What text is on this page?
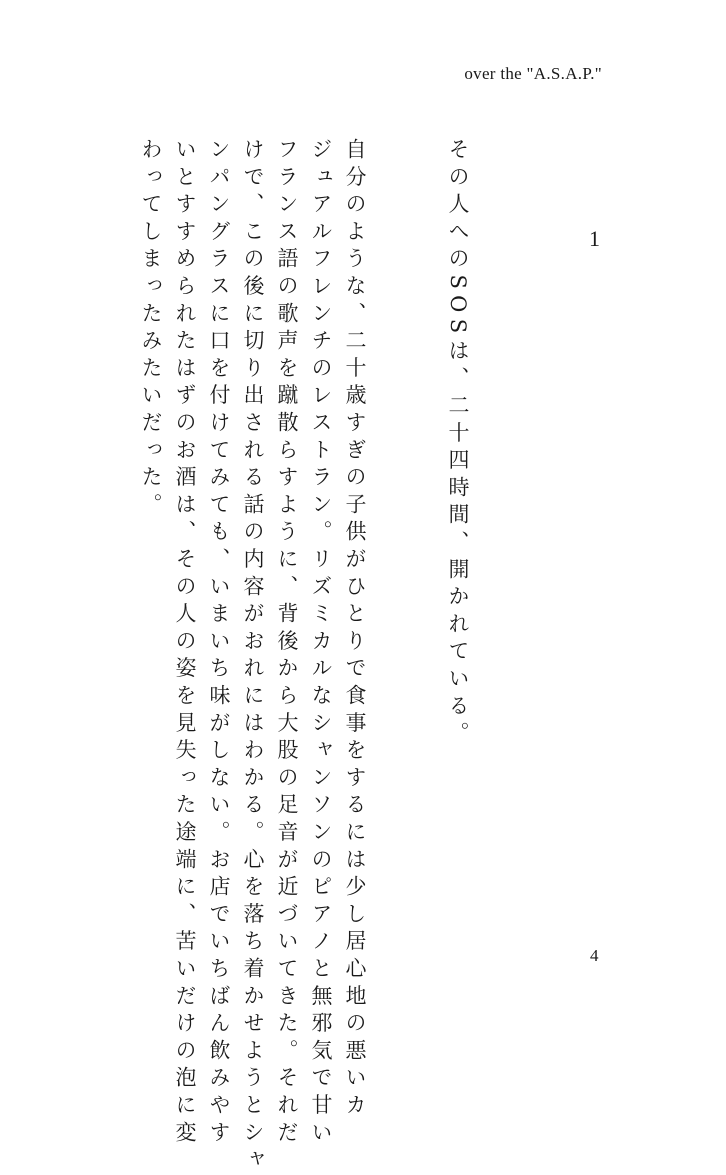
over the "A.S.A.P."
1
その人へのSOSは、二十四時間、開かれている。
自分のような、二十歳すぎの子供がひとりで食事をするには少し居心地の悪いカ
ジュアルフレンチのレストラン。リズミカルなシャンソンのピアノと無邪気で甘い
フランス語の歌声を蹴散らすように、背後から大股の足音が近づいてきた。それだ
けで、この後に切り出される話の内容がおれにはわかる。心を落ち着かせようとシャ
ンパングラスに口を付けてみても、いまいち味がしない。お店でいちばん飲みやす
いとすすめられたはずのお酒は、その人の姿を見失った途端に、苦いだけの泡に変
わってしまったみたいだった。
4
